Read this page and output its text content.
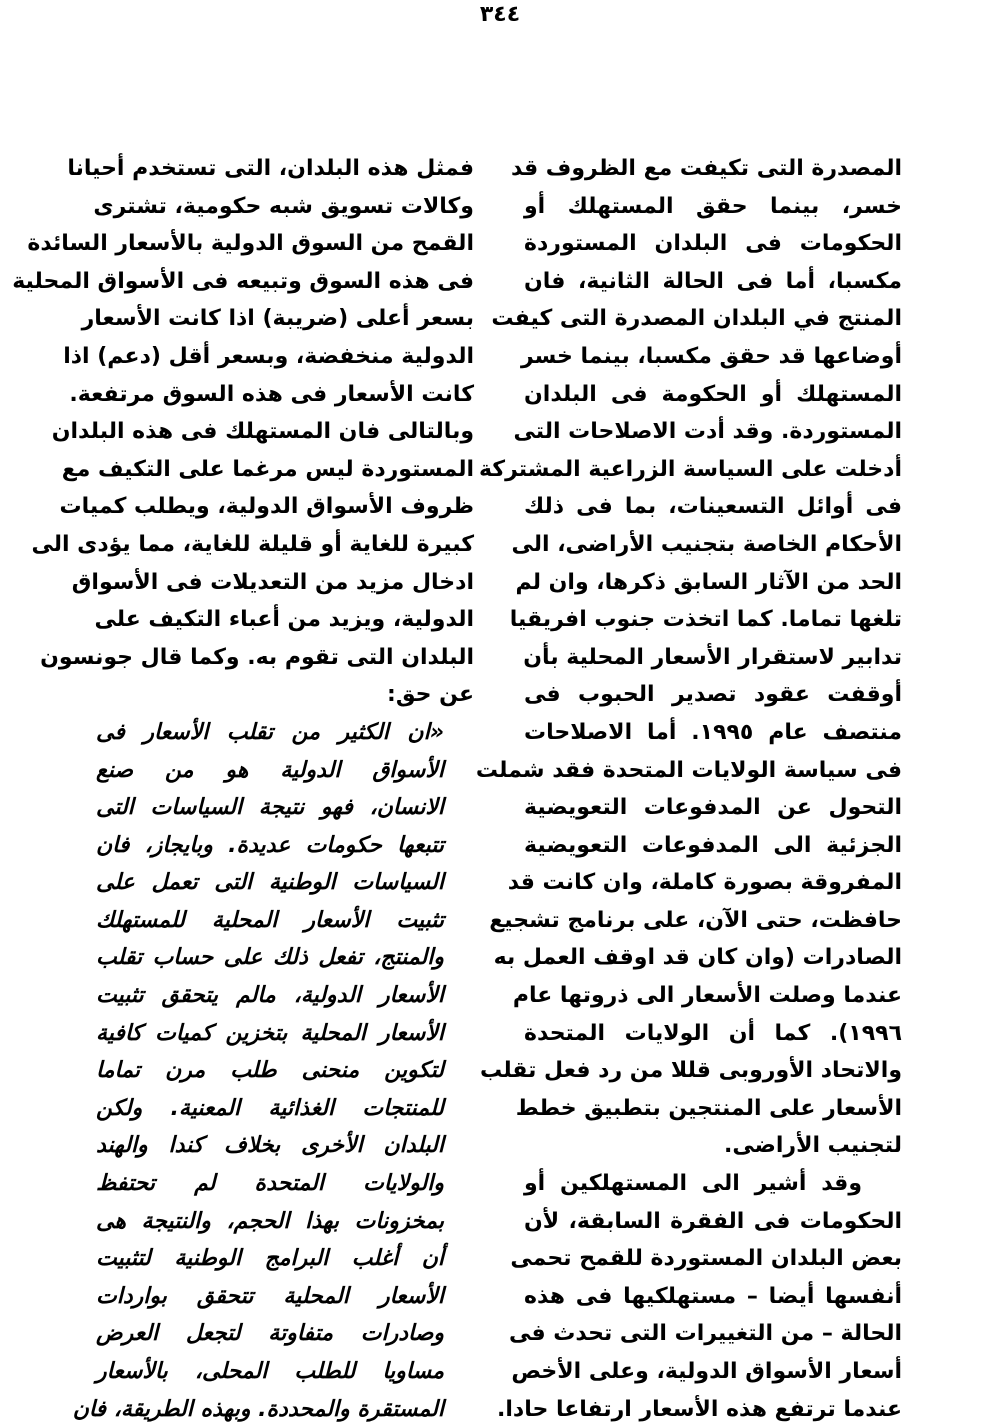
٣٤٤
المصدرة التى تكيفت مع الظروف قد
خسر، بينما حقق المستهلك أو
الحكومات فى البلدان المستوردة
مكسبا، أما فى الحالة الثانية، فان
المنتج في البلدان المصدرة التى كيفت
أوضاعها قد حقق مكسبا، بينما خسر
المستهلك أو الحكومة فى البلدان
المستوردة. وقد أدت الاصلاحات التى
أدخلت على السياسة الزراعية المشتركة
فى أوائل التسعينات، بما فى ذلك
الأحكام الخاصة بتجنيب الأراضى، الى
الحد من الآثار السابق ذكرها، وان لم
تلغها تماما. كما اتخذت جنوب افريقيا
تدابير لاستقرار الأسعار المحلية بأن
أوقفت عقود تصدير الحبوب فى
منتصف عام ١٩٩٥. أما الاصلاحات
فى سياسة الولايات المتحدة فقد شملت
التحول عن المدفوعات التعويضية
الجزئية الى المدفوعات التعويضية
المفروقة بصورة كاملة، وان كانت قد
حافظت، حتى الآن، على برنامج تشجيع
الصادرات (وان كان قد اوقف العمل به
عندما وصلت الأسعار الى ذروتها عام
١٩٩٦). كما أن الولايات المتحدة
والاتحاد الأوروبى قللا من رد فعل تقلب
الأسعار على المنتجين بتطبيق خطط
لتجنيب الأراضى.
وقد أشير الى المستهلكين أو
الحكومات فى الفقرة السابقة، لأن
بعض البلدان المستوردة للقمح تحمى
أنفسها أيضا – مستهلكيها فى هذه
الحالة – من التغييرات التى تحدث فى
أسعار الأسواق الدولية، وعلى الأخص
عندما ترتفع هذه الأسعار ارتفاعا حادا.
فمثل هذه البلدان، التى تستخدم أحيانا
وكالات تسويق شبه حكومية، تشترى
القمح من السوق الدولية بالأسعار السائدة
فى هذه السوق وتبيعه فى الأسواق المحلية
بسعر أعلى (ضريبة) اذا كانت الأسعار
الدولية منخفضة، وبسعر أقل (دعم) اذا
كانت الأسعار فى هذه السوق مرتفعة.
وبالتالى فان المستهلك فى هذه البلدان
المستوردة ليس مرغما على التكيف مع
ظروف الأسواق الدولية، ويطلب كميات
كبيرة للغاية أو قليلة للغاية، مما يؤدى الى
ادخال مزيد من التعديلات فى الأسواق
الدولية، ويزيد من أعباء التكيف على
البلدان التى تقوم به. وكما قال جونسون
عن حق:
«ان الكثير من تقلب الأسعار فى
الأسواق الدولية هو من صنع
الانسان، فهو نتيجة السياسات التى
تتبعها حكومات عديدة. وبايجاز، فان
السياسات الوطنية التى تعمل على
تثبيت الأسعار المحلية للمستهلك
والمنتج، تفعل ذلك على حساب تقلب
الأسعار الدولية، مالم يتحقق تثبيت
الأسعار المحلية بتخزين كميات كافية
لتكوين منحنى طلب مرن تماما
للمنتجات الغذائية المعنية. ولكن
البلدان الأخرى بخلاف كندا والهند
والولايات المتحدة لم تحتفظ
بمخزونات بهذا الحجم، والنتيجة هى
أن أغلب البرامج الوطنية لتثبيت
الأسعار المحلية تتحقق بواردات
وصادرات متفاوتة لتجعل العرض
مساويا للطلب المحلى، بالأسعار
المستقرة والمحددة. وبهذه الطريقة، فان
